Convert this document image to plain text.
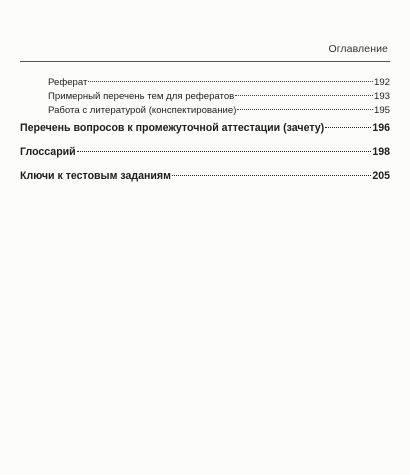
Оглавление
Реферат	192
Примерный перечень тем для рефератов	193
Работа с литературой (конспектирование)	195
Перечень вопросов к промежуточной аттестации (зачету)	196
Глоссарий	198
Ключи к тестовым заданиям	205
